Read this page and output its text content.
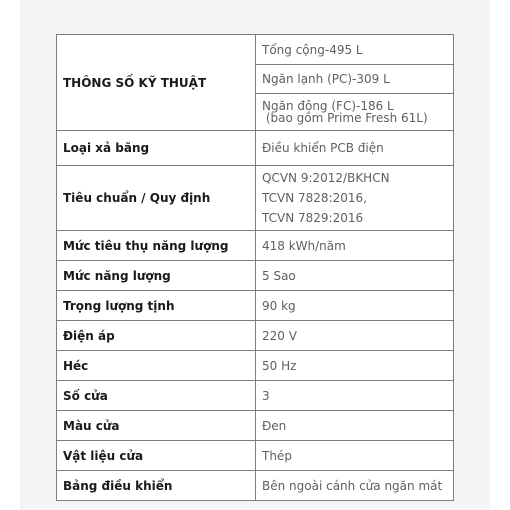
THÔNG SỐ KỸ THUẬT	Tổng cộng-495 L
Ngăn lạnh (PC)-309 L
Ngăn đông (FC)-186 L
(bao gồm Prime Fresh 61L)

Loại xả băng	Điều khiển PCB điện
Tiêu chuẩn / Quy định	QCVN 9:2012/BKHCN
TCVN 7828:2016,
TCVN 7829:2016

Mức tiêu thụ năng lượng	418 kWh/năm
Mức năng lượng	5 Sao
Trọng lượng tịnh	90 kg
Điện áp	220 V
Héc	50 Hz
Số cửa	3
Màu cửa	Đen
Vật liệu cửa	Thép
Bảng điều khiển	Bên ngoài cánh cửa ngăn mát
